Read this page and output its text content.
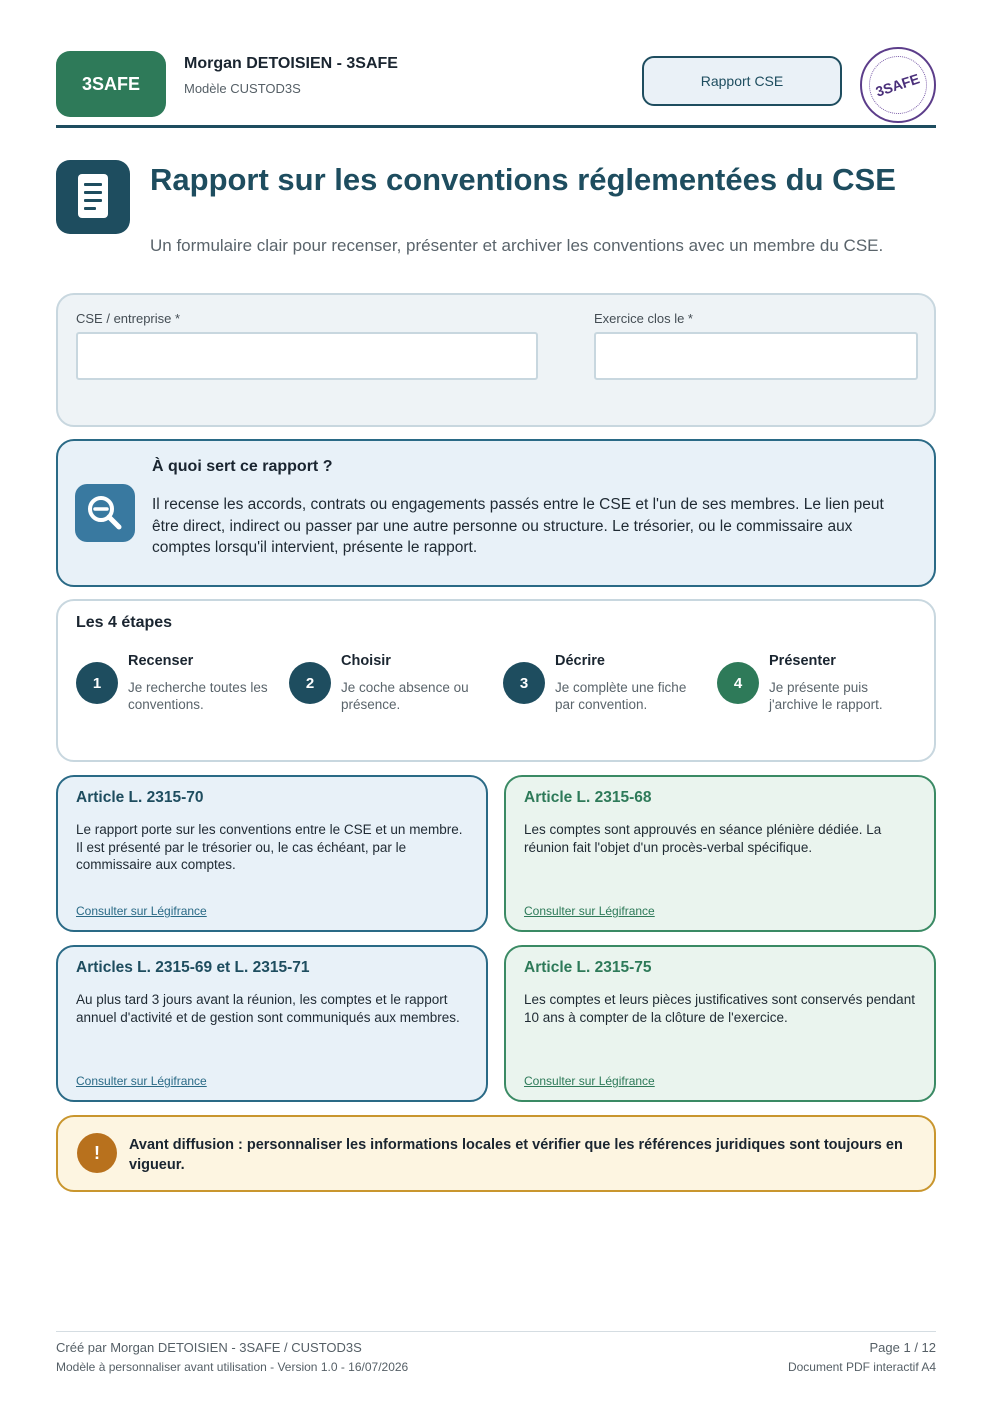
3SAFE
Morgan DETOISIEN - 3SAFE
Modèle CUSTOD3S	Rapport CSE	3SAFE
Rapport sur les conventions réglementées du CSE
Un formulaire clair pour recenser, présenter et archiver les conventions avec un membre du CSE.
CSE / entreprise *	Exercice clos le *
À quoi sert ce rapport ?
Il recense les accords, contrats ou engagements passés entre le CSE et l'un de ses membres. Le lien peut être direct, indirect ou passer par une autre personne ou structure. Le trésorier, ou le commissaire aux comptes lorsqu'il intervient, présente le rapport.
Les 4 étapes
1
Recenser
Je recherche toutes les conventions.
2
Choisir
Je coche absence ou présence.
3
Décrire
Je complète une fiche par convention.
4
Présenter
Je présente puis j'archive le rapport.
Article L. 2315-70
Le rapport porte sur les conventions entre le CSE et un membre. Il est présenté par le trésorier ou, le cas échéant, par le commissaire aux comptes.
Consulter sur Légifrance
Article L. 2315-68
Les comptes sont approuvés en séance plénière dédiée. La réunion fait l'objet d'un procès-verbal spécifique.
Consulter sur Légifrance
Articles L. 2315-69 et L. 2315-71
Au plus tard 3 jours avant la réunion, les comptes et le rapport annuel d'activité et de gestion sont communiqués aux membres.
Consulter sur Légifrance
Article L. 2315-75
Les comptes et leurs pièces justificatives sont conservés pendant 10 ans à compter de la clôture de l'exercice.
Consulter sur Légifrance
!	Avant diffusion : personnaliser les informations locales et vérifier que les références juridiques sont toujours en vigueur.
Créé par Morgan DETOISIEN - 3SAFE / CUSTOD3S
Modèle à personnaliser avant utilisation - Version 1.0 - 16/07/2026
Page 1 / 12
Document PDF interactif A4
